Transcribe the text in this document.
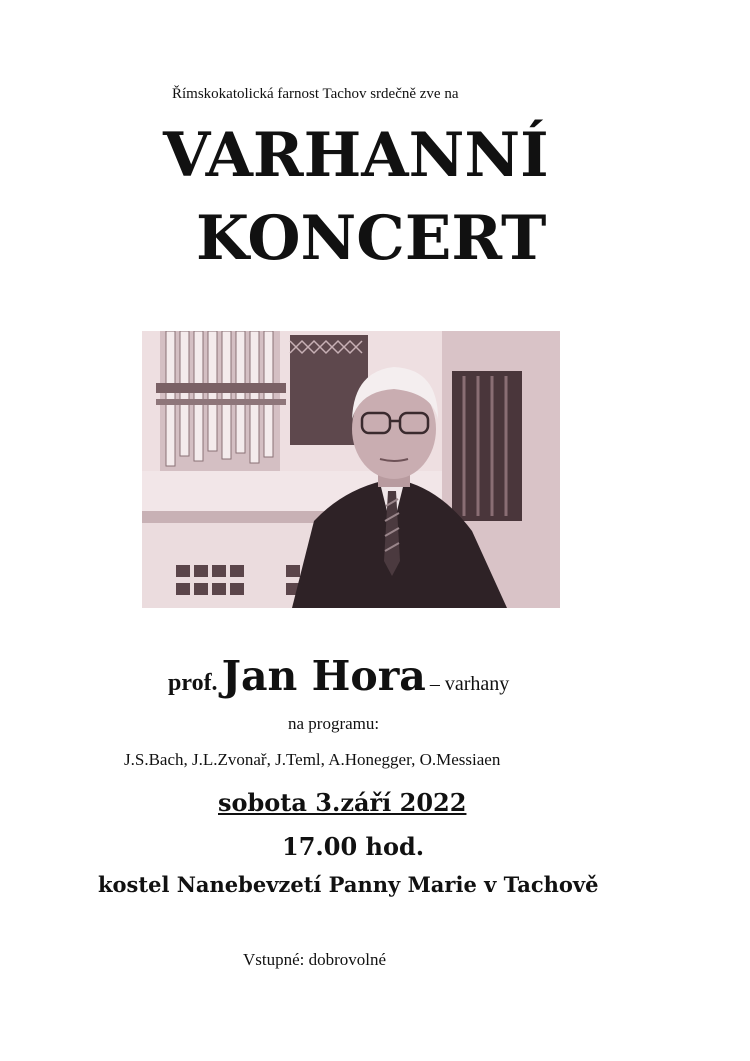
Římskokatolická farnost Tachov srdečně zve na
VARHANNÍ
KONCERT
prof. Jan Hora – varhany
na programu:
J.S.Bach, J.L.Zvonař, J.Teml, A.Honegger, O.Messiaen
sobota 3.září 2022
17.00 hod.
kostel Nanebevzetí Panny Marie v Tachově
Vstupné: dobrovolné
